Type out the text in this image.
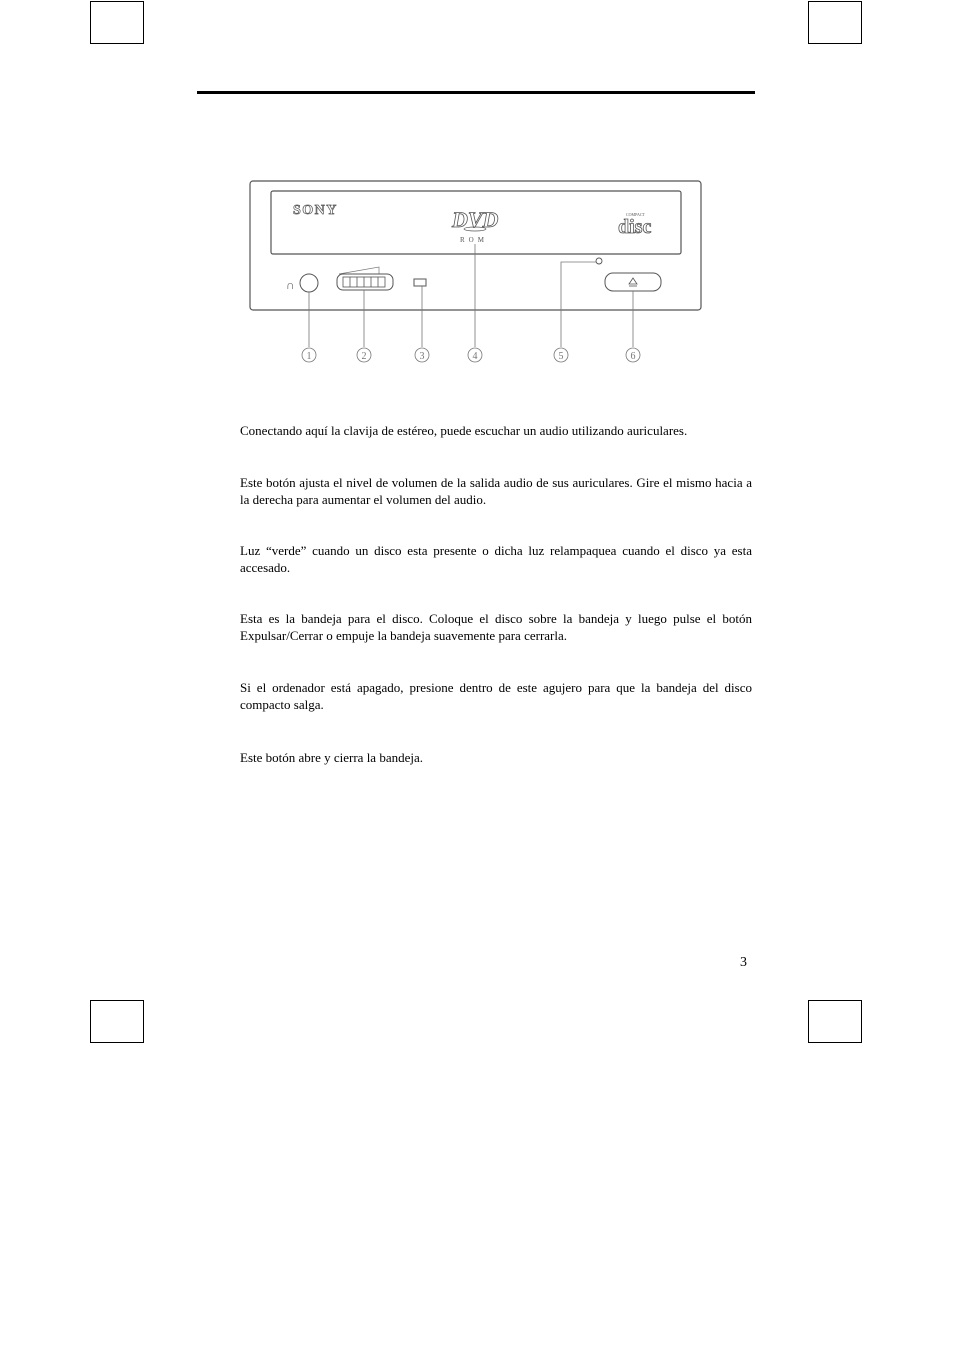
SONY	DVD
ROM
COMPACT
disc
∩
1	2	3	4	5	6

Conectando aquí la clavija de estéreo, puede escuchar un audio utilizando auriculares.

Este botón ajusta el nivel de volumen de la salida audio de sus auriculares. Gire el mismo hacia a la derecha para aumentar el volumen del audio.

Luz “verde” cuando un disco esta presente o dicha luz relampaquea cuando el disco ya esta accesado.

Esta es la bandeja para el disco. Coloque el disco sobre la bandeja y luego pulse el botón Expulsar/Cerrar o empuje la bandeja suavemente para cerrarla.

Si el ordenador está apagado, presione dentro de este agujero para que la bandeja del disco compacto salga.

Este botón abre y cierra la bandeja.

3
